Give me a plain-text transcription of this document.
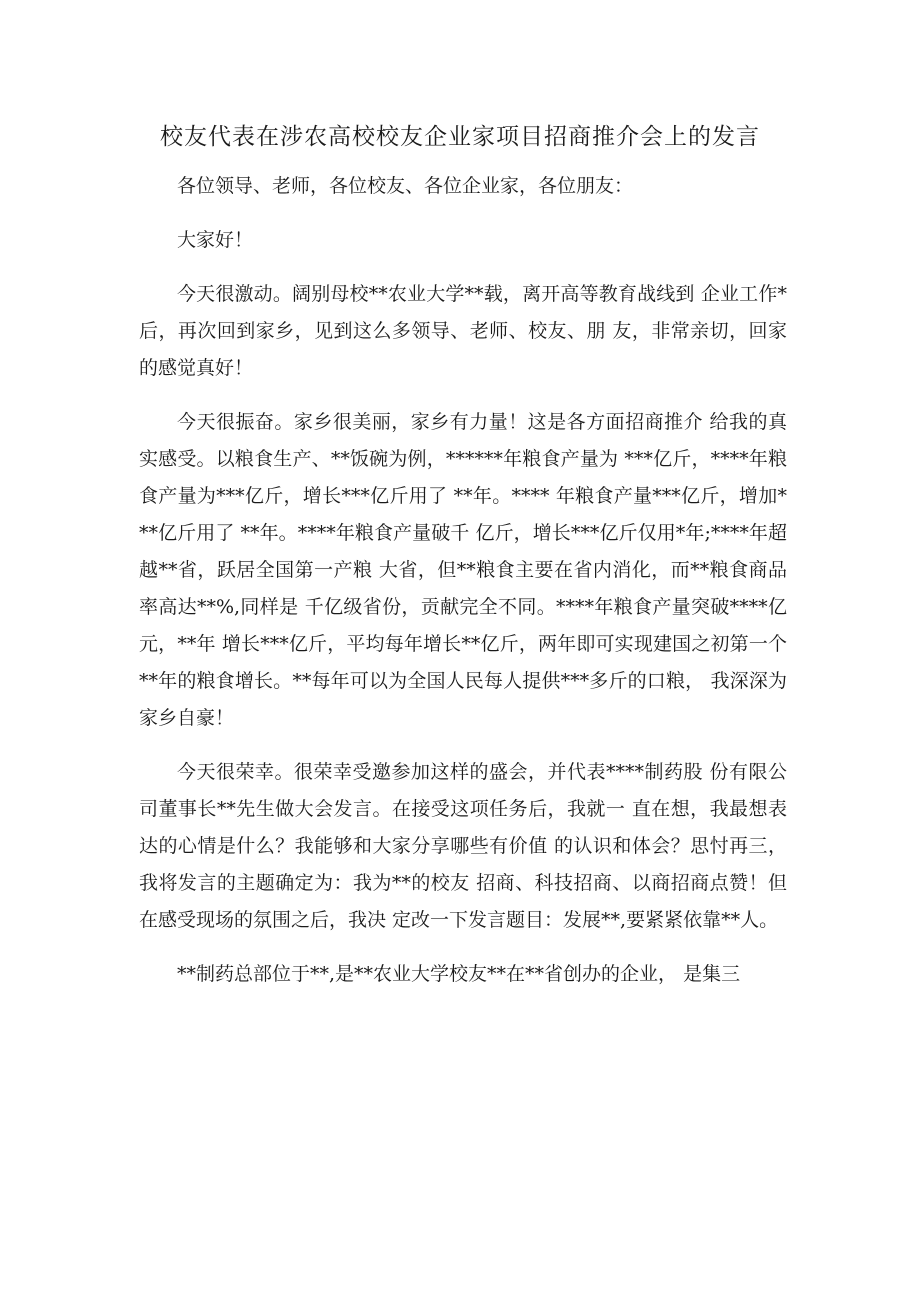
校友代表在涉农高校校友企业家项目招商推介会上的发言

各位领导、老师，各位校友、各位企业家，各位朋友：

大家好！

今天很激动。阔别母校**农业大学**载，离开高等教育战线到 企业工作*后，再次回到家乡，见到这么多领导、老师、校友、朋 友，非常亲切，回家的感觉真好！

今天很振奋。家乡很美丽，家乡有力量！这是各方面招商推介 给我的真实感受。以粮食生产、**饭碗为例，******年粮食产量为 ***亿斤，****年粮食产量为***亿斤，增长***亿斤用了 **年。**** 年粮食产量***亿斤，增加***亿斤用了 **年。****年粮食产量破千 亿斤，增长***亿斤仅用*年;****年超越**省，跃居全国第一产粮 大省，但**粮食主要在省内消化，而**粮食商品率高达**%,同样是 千亿级省份，贡献完全不同。****年粮食产量突破****亿元，**年 增长***亿斤，平均每年增长**亿斤，两年即可实现建国之初第一个 **年的粮食增长。**每年可以为全国人民每人提供***多斤的口粮， 我深深为家乡自豪！

今天很荣幸。很荣幸受邀参加这样的盛会，并代表****制药股 份有限公司董事长**先生做大会发言。在接受这项任务后，我就一 直在想，我最想表达的心情是什么？我能够和大家分享哪些有价值 的认识和体会？思忖再三，我将发言的主题确定为：我为**的校友 招商、科技招商、以商招商点赞！但在感受现场的氛围之后，我决 定改一下发言题目：发展**,要紧紧依靠**人。

**制药总部位于**,是**农业大学校友**在**省创办的企业， 是集三
